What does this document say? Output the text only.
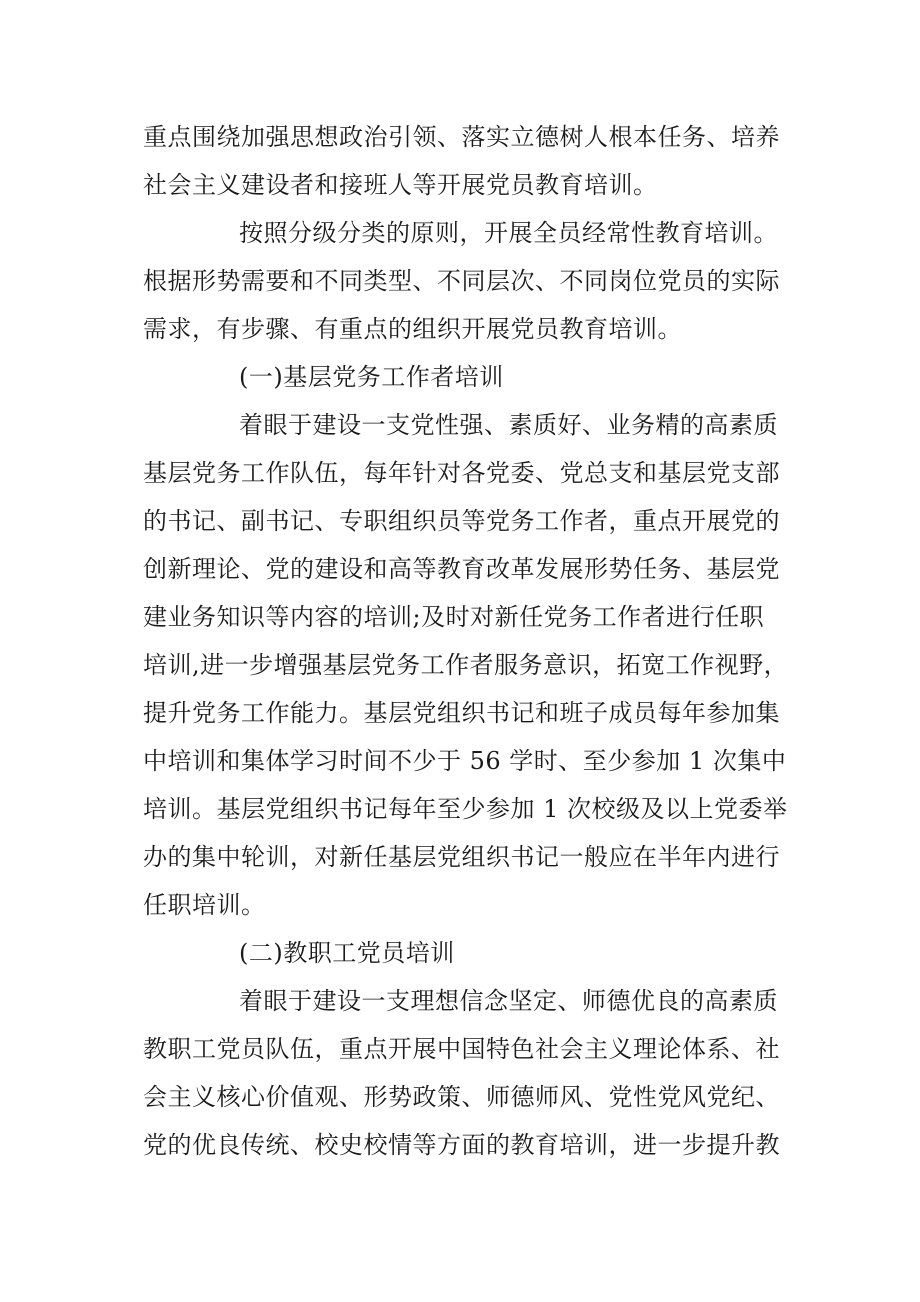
重点围绕加强思想政治引领、落实立德树人根本任务、培养
社会主义建设者和接班人等开展党员教育培训。
按照分级分类的原则，开展全员经常性教育培训。
根据形势需要和不同类型、不同层次、不同岗位党员的实际
需求，有步骤、有重点的组织开展党员教育培训。
(一)基层党务工作者培训
着眼于建设一支党性强、素质好、业务精的高素质
基层党务工作队伍，每年针对各党委、党总支和基层党支部
的书记、副书记、专职组织员等党务工作者，重点开展党的
创新理论、党的建设和高等教育改革发展形势任务、基层党
建业务知识等内容的培训;及时对新任党务工作者进行任职
培训,进一步增强基层党务工作者服务意识，拓宽工作视野，
提升党务工作能力。基层党组织书记和班子成员每年参加集
中培训和集体学习时间不少于 56 学时、至少参加 1 次集中
培训。基层党组织书记每年至少参加 1 次校级及以上党委举
办的集中轮训，对新任基层党组织书记一般应在半年内进行
任职培训。
(二)教职工党员培训
着眼于建设一支理想信念坚定、师德优良的高素质
教职工党员队伍，重点开展中国特色社会主义理论体系、社
会主义核心价值观、形势政策、师德师风、党性党风党纪、
党的优良传统、校史校情等方面的教育培训，进一步提升教
